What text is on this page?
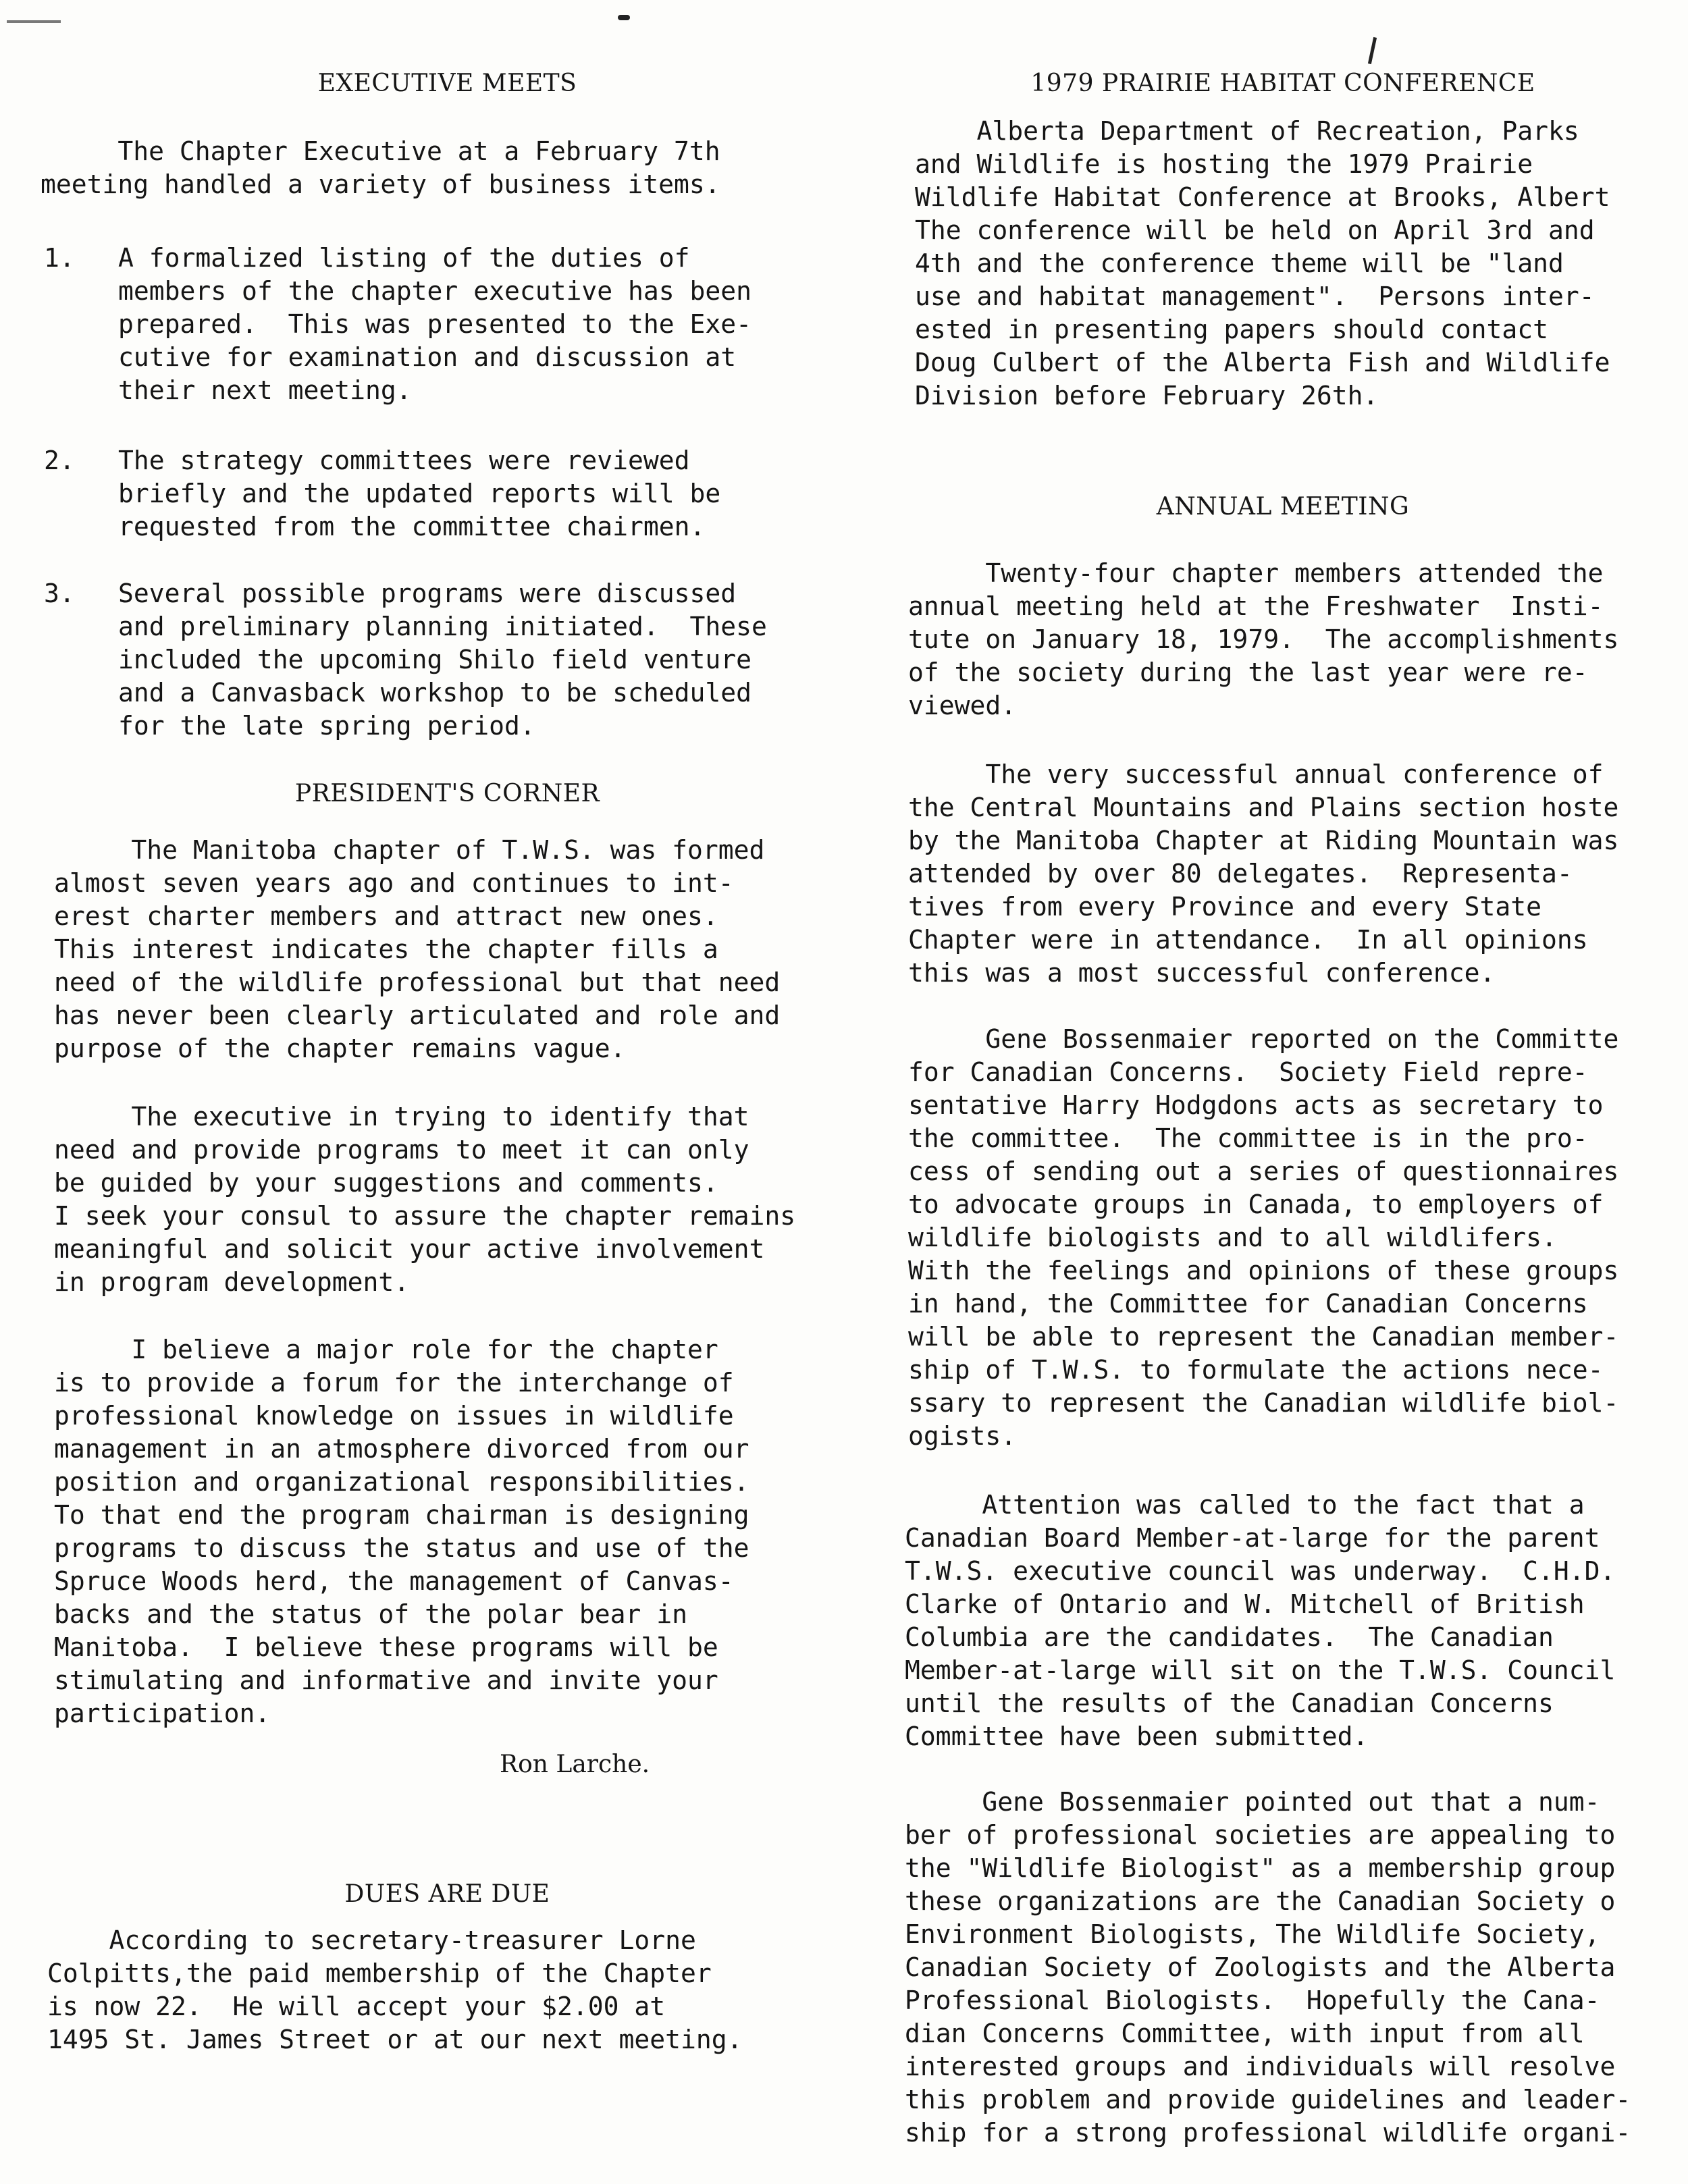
EXECUTIVE MEETS

The Chapter Executive at a February 7th
meeting handled a variety of business items.

1. A formalized listing of the duties of
members of the chapter executive has been
prepared.  This was presented to the Exe-
cutive for examination and discussion at
their next meeting.
2. The strategy committees were reviewed
briefly and the updated reports will be
requested from the committee chairmen.
3. Several possible programs were discussed
and preliminary planning initiated.  These
included the upcoming Shilo field venture
and a Canvasback workshop to be scheduled
for the late spring period.
PRESIDENT'S CORNER

The Manitoba chapter of T.W.S. was formed
almost seven years ago and continues to int-
erest charter members and attract new ones.
This interest indicates the chapter fills a
need of the wildlife professional but that need
has never been clearly articulated and role and
purpose of the chapter remains vague.

The executive in trying to identify that
need and provide programs to meet it can only
be guided by your suggestions and comments.
I seek your consul to assure the chapter remains
meaningful and solicit your active involvement
in program development.

I believe a major role for the chapter
is to provide a forum for the interchange of
professional knowledge on issues in wildlife
management in an atmosphere divorced from our
position and organizational responsibilities.
To that end the program chairman is designing
programs to discuss the status and use of the
Spruce Woods herd, the management of Canvas-
backs and the status of the polar bear in
Manitoba.  I believe these programs will be
stimulating and informative and invite your
participation.

Ron Larche.
DUES ARE DUE

According to secretary-treasurer Lorne
Colpitts,the paid membership of the Chapter
is now 22.  He will accept your $2.00 at
1495 St. James Street or at our next meeting.

1979 PRAIRIE HABITAT CONFERENCE

Alberta Department of Recreation, Parks
and Wildlife is hosting the 1979 Prairie
Wildlife Habitat Conference at Brooks, Albert
The conference will be held on April 3rd and
4th and the conference theme will be "land
use and habitat management".  Persons inter-
ested in presenting papers should contact
Doug Culbert of the Alberta Fish and Wildlife
Division before February 26th.

ANNUAL MEETING

Twenty-four chapter members attended the
annual meeting held at the Freshwater  Insti-
tute on January 18, 1979.  The accomplishments
of the society during the last year were re-
viewed.

The very successful annual conference of
the Central Mountains and Plains section hoste
by the Manitoba Chapter at Riding Mountain was
attended by over 80 delegates.  Representa-
tives from every Province and every State
Chapter were in attendance.  In all opinions
this was a most successful conference.

Gene Bossenmaier reported on the Committe
for Canadian Concerns.  Society Field repre-
sentative Harry Hodgdons acts as secretary to
the committee.  The committee is in the pro-
cess of sending out a series of questionnaires
to advocate groups in Canada, to employers of
wildlife biologists and to all wildlifers.
With the feelings and opinions of these groups
in hand, the Committee for Canadian Concerns
will be able to represent the Canadian member-
ship of T.W.S. to formulate the actions nece-
ssary to represent the Canadian wildlife biol-
ogists.

Attention was called to the fact that a
Canadian Board Member-at-large for the parent
T.W.S. executive council was underway.  C.H.D.
Clarke of Ontario and W. Mitchell of British
Columbia are the candidates.  The Canadian
Member-at-large will sit on the T.W.S. Council
until the results of the Canadian Concerns
Committee have been submitted.

Gene Bossenmaier pointed out that a num-
ber of professional societies are appealing to
the "Wildlife Biologist" as a membership group
these organizations are the Canadian Society o
Environment Biologists, The Wildlife Society,
Canadian Society of Zoologists and the Alberta
Professional Biologists.  Hopefully the Cana-
dian Concerns Committee, with input from all
interested groups and individuals will resolve
this problem and provide guidelines and leader-
ship for a strong professional wildlife organi-
